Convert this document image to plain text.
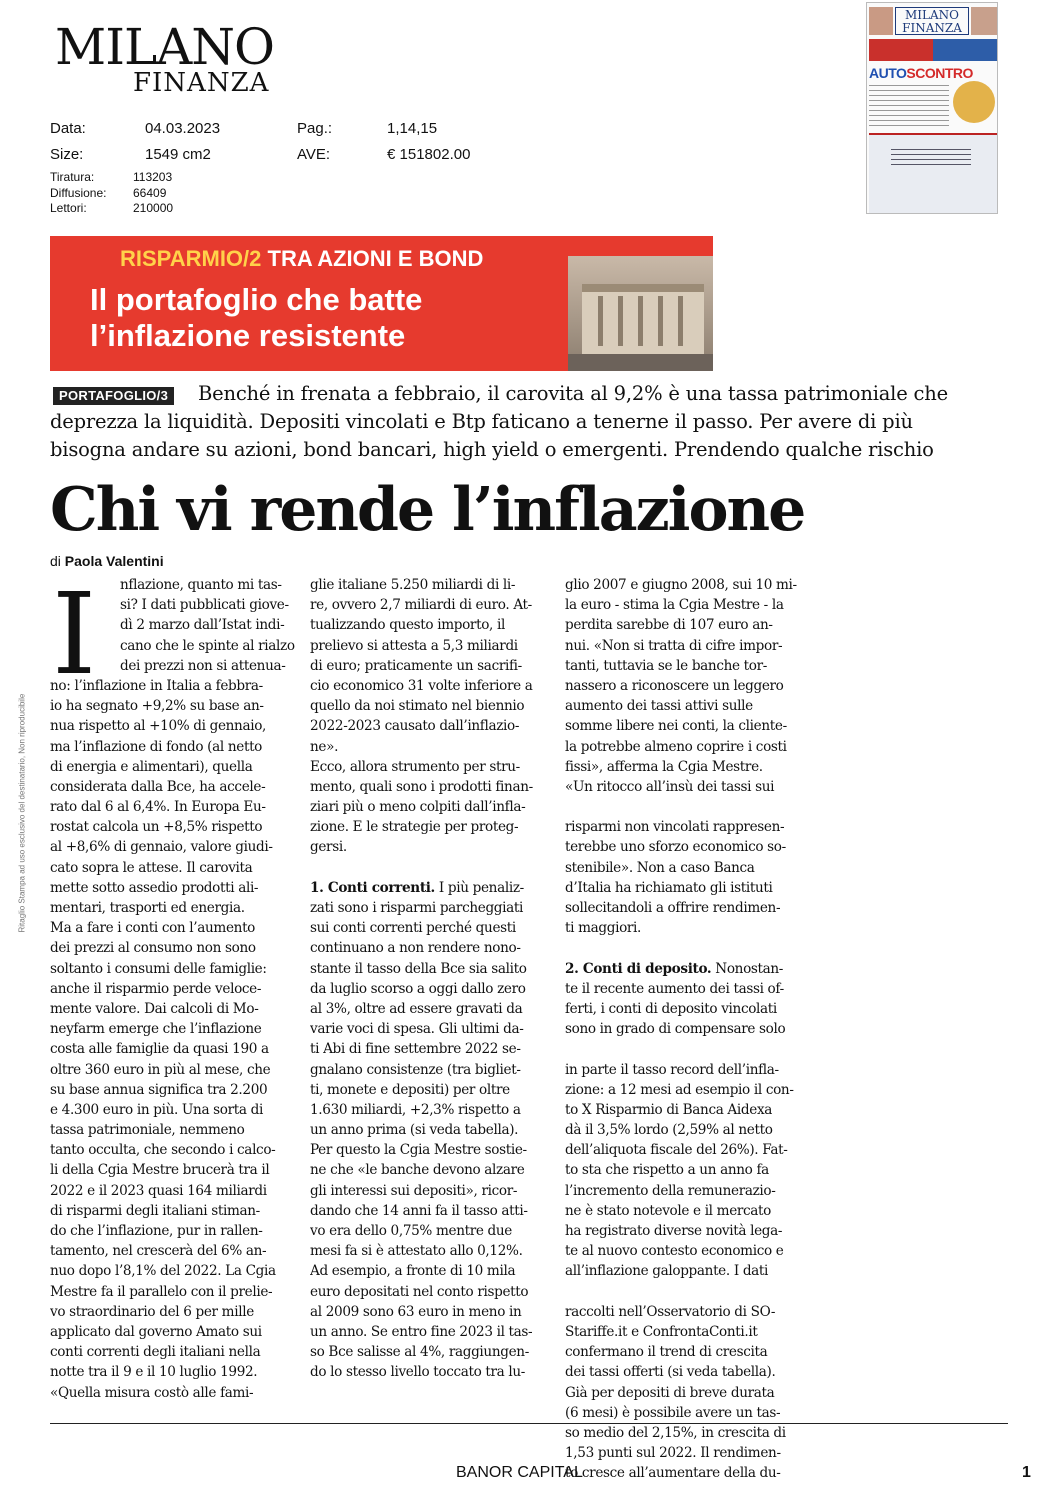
MILANO
FINANZA
Data:	04.03.2023	Pag.:	1,14,15
Size:	1549 cm2	AVE:	€ 151802.00
Tiratura:	113203
Diffusione: 66409
Lettori:	210000
MILANO FINANZA
AUTOSCONTRO
RISPARMIO/2 TRA AZIONI E BOND
Il portafoglio che batte
l’inflazione resistente
Benché in frenata a febbraio, il carovita al 9,2% è una tassa patrimoniale che
deprezza la liquidità. Depositi vincolati e Btp faticano a tenerne il passo. Per avere di più
bisogna andare su azioni, bond bancari, high yield o emergenti. Prendendo qualche rischio
PORTAFOGLIO/3
Chi vi rende l’inflazione
di Paola Valentini
Ritaglio Stampa ad uso esclusivo del destinatario, Non riproducibile
I	nflazione, quanto mi tas-
si? I dati pubblicati giove-
dì 2 marzo dall’Istat indi-
cano che le spinte al rialzo
dei prezzi non si attenua-
no: l’inflazione in Italia a febbra-
io ha segnato +9,2% su base an-
nua rispetto al +10% di gennaio,
ma l’inflazione di fondo (al netto
di energia e alimentari), quella
considerata dalla Bce, ha accele-
rato dal 6 al 6,4%. In Europa Eu-
rostat calcola un +8,5% rispetto
al +8,6% di gennaio, valore giudi-
cato sopra le attese. Il carovita
mette sotto assedio prodotti ali-
mentari, trasporti ed energia.
Ma a fare i conti con l’aumento
dei prezzi al consumo non sono
soltanto i consumi delle famiglie:
anche il risparmio perde veloce-
mente valore. Dai calcoli di Mo-
neyfarm emerge che l’inflazione
costa alle famiglie da quasi 190 a
oltre 360 euro in più al mese, che
su base annua significa tra 2.200
e 4.300 euro in più. Una sorta di
tassa patrimoniale, nemmeno
tanto occulta, che secondo i calco-
li della Cgia Mestre brucerà tra il
2022 e il 2023 quasi 164 miliardi
di risparmi degli italiani stiman-
do che l’inflazione, pur in rallen-
tamento, nel crescerà del 6% an-
nuo dopo l’8,1% del 2022. La Cgia
Mestre fa il parallelo con il prelie-
vo straordinario del 6 per mille
applicato dal governo Amato sui
conti correnti degli italiani nella
notte tra il 9 e il 10 luglio 1992.
«Quella misura costò alle fami-
glie italiane 5.250 miliardi di li-
re, ovvero 2,7 miliardi di euro. At-
tualizzando questo importo, il
prelievo si attesta a 5,3 miliardi
di euro; praticamente un sacrifi-
cio economico 31 volte inferiore a
quello da noi stimato nel biennio
2022-2023 causato dall’inflazio-
ne».
Ecco, allora strumento per stru-
mento, quali sono i prodotti finan-
ziari più o meno colpiti dall’infla-
zione. E le strategie per proteg-
gersi.
1. Conti correnti. I più penaliz-
zati sono i risparmi parcheggiati
sui conti correnti perché questi
continuano a non rendere nono-
stante il tasso della Bce sia salito
da luglio scorso a oggi dallo zero
al 3%, oltre ad essere gravati da
varie voci di spesa. Gli ultimi da-
ti Abi di fine settembre 2022 se-
gnalano consistenze (tra bigliet-
ti, monete e depositi) per oltre
1.630 miliardi, +2,3% rispetto a
un anno prima (si veda tabella).
Per questo la Cgia Mestre sostie-
ne che «le banche devono alzare
gli interessi sui depositi», ricor-
dando che 14 anni fa il tasso atti-
vo era dello 0,75% mentre due
mesi fa si è attestato allo 0,12%.
Ad esempio, a fronte di 10 mila
euro depositati nel conto rispetto
al 2009 sono 63 euro in meno in
un anno. Se entro fine 2023 il tas-
so Bce salisse al 4%, raggiungen-
do lo stesso livello toccato tra lu-
glio 2007 e giugno 2008, sui 10 mi-
la euro - stima la Cgia Mestre - la
perdita sarebbe di 107 euro an-
nui. «Non si tratta di cifre impor-
tanti, tuttavia se le banche tor-
nassero a riconoscere un leggero
aumento dei tassi attivi sulle
somme libere nei conti, la clientе-
la potrebbe almeno coprire i costi
fissi», afferma la Cgia Mestre.
«Un ritocco all’insù dei tassi sui
risparmi non vincolati rappresen-
terebbe uno sforzo economico so-
stenibile». Non a caso Banca
d’Italia ha richiamato gli istituti
sollecitandoli a offrire rendimen-
ti maggiori.
2. Conti di deposito. Nonostan-
te il recente aumento dei tassi of-
ferti, i conti di deposito vincolati
sono in grado di compensare solo
in parte il tasso record dell’infla-
zione: a 12 mesi ad esempio il con-
to X Risparmio di Banca Aidexa
dà il 3,5% lordo (2,59% al netto
dell’aliquota fiscale del 26%). Fat-
to sta che rispetto a un anno fa
l’incremento della remunerazio-
ne è stato notevole e il mercato
ha registrato diverse novità lega-
te al nuovo contesto economico e
all’inflazione galoppante. I dati
raccolti nell’Osservatorio di SO-
Stariffe.it e ConfrontaConti.it
confermano il trend di crescita
dei tassi offerti (si veda tabella).
Già per depositi di breve durata
(6 mesi) è possibile avere un tas-
so medio del 2,15%, in crescita di
1,53 punti sul 2022. Il rendimen-
to cresce all’aumentare della du-
BANOR CAPITAL	1
